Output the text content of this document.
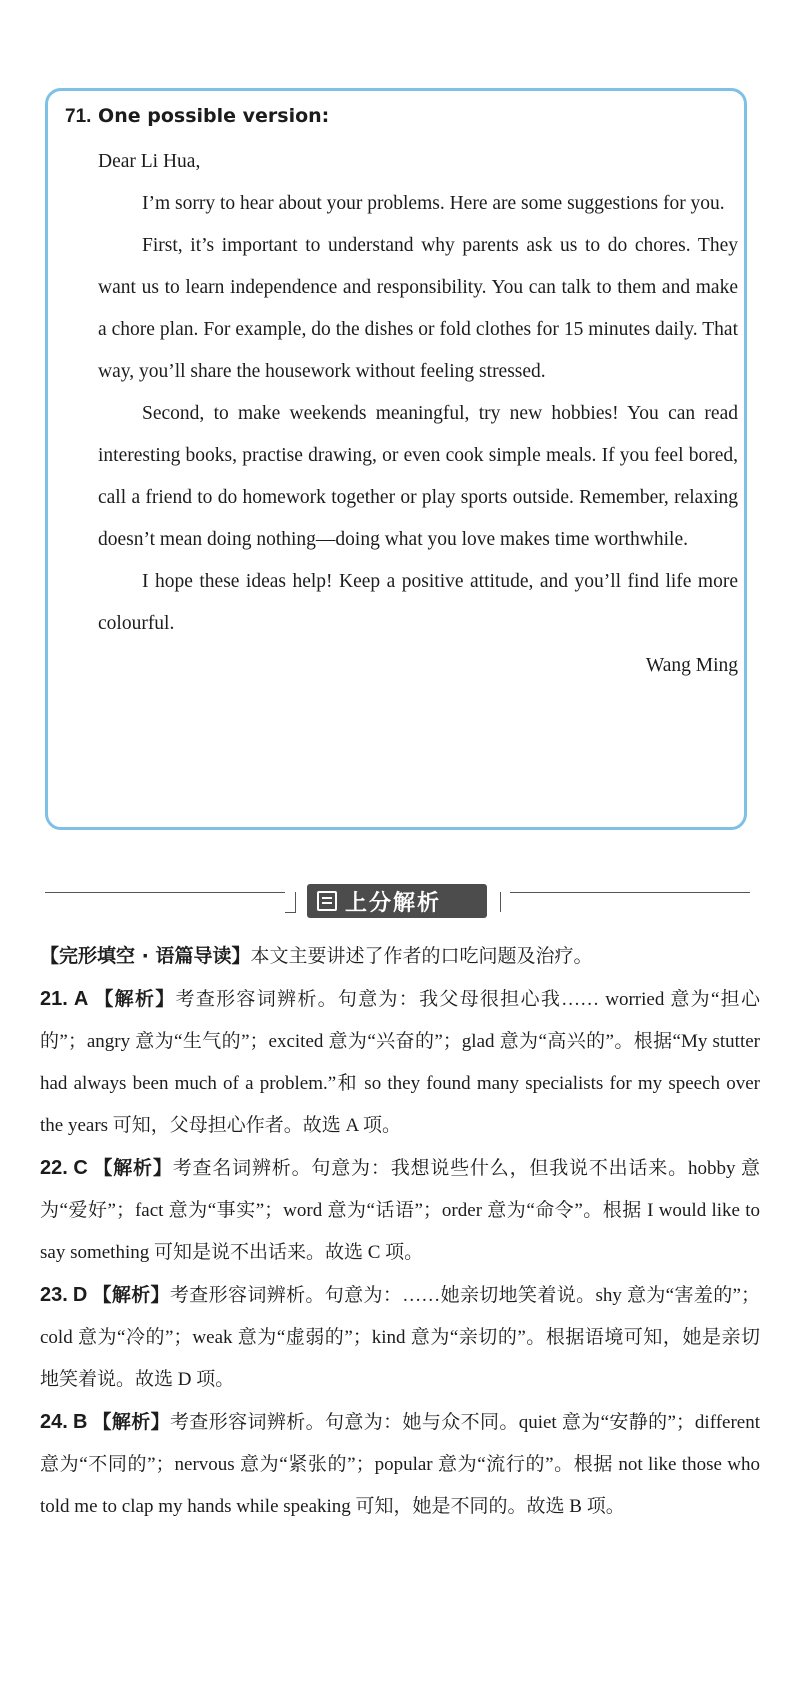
71. One possible version:

Dear Li Hua,

I’m sorry to hear about your problems. Here are some suggestions for you.

First, it’s important to understand why parents ask us to do chores. They want us to learn independence and responsibility. You can talk to them and make a chore plan. For example, do the dishes or fold clothes for 15 minutes daily. That way, you’ll share the housework without feeling stressed.

Second, to make weekends meaningful, try new hobbies! You can read interesting books, practise drawing, or even cook simple meals. If you feel bored, call a friend to do homework together or play sports outside. Remember, relaxing doesn’t mean doing nothing—doing what you love makes time worthwhile.

I hope these ideas help! Keep a positive attitude, and you’ll find life more colourful.

Wang Ming

上分解析

【完形填空 · 语篇导读】本文主要讲述了作者的口吃问题及治疗。

21. A 【解析】考查形容词辨析。句意为：我父母很担心我…… worried 意为“担心的”；angry 意为“生气的”；excited 意为“兴奋的”；glad 意为“高兴的”。根据“My stutter had always been much of a problem.”和 so they found many specialists for my speech over the years 可知，父母担心作者。故选 A 项。

22. C 【解析】考查名词辨析。句意为：我想说些什么，但我说不出话来。hobby 意为“爱好”；fact 意为“事实”；word 意为“话语”；order 意为“命令”。根据 I would like to say something 可知是说不出话来。故选 C 项。

23. D 【解析】考查形容词辨析。句意为：……她亲切地笑着说。shy 意为“害羞的”；cold 意为“冷的”；weak 意为“虚弱的”；kind 意为“亲切的”。根据语境可知，她是亲切地笑着说。故选 D 项。

24. B 【解析】考查形容词辨析。句意为：她与众不同。quiet 意为“安静的”；different 意为“不同的”；nervous 意为“紧张的”；popular 意为“流行的”。根据 not like those who told me to clap my hands while speaking 可知，她是不同的。故选 B 项。
